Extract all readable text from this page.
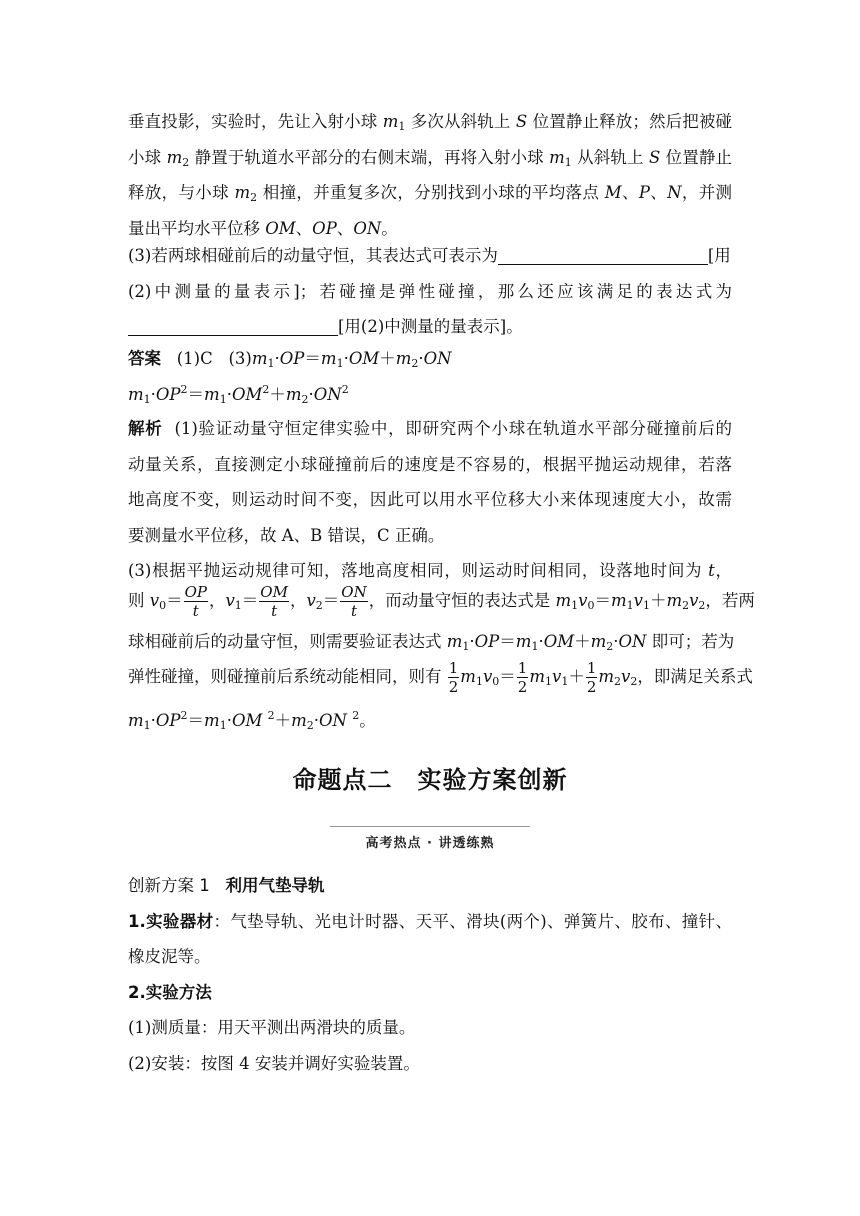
垂直投影，实验时，先让入射小球 $m_1$ 多次从斜轨上 S 位置静止释放；然后把被碰
小球 $m_2$ 静置于轨道水平部分的右侧末端，再将入射小球 $m_1$ 从斜轨上 S 位置静止
释放，与小球 $m_2$ 相撞，并重复多次，分别找到小球的平均落点 M、P、N，并测
量出平均水平位移 OM、OP、ON。
(3)若两球相碰前后的动量守恒，其表达式可表示为	[用
(2)中测量的量表示]；若碰撞是弹性碰撞，那么还应该满足的表达式为
[用(2)中测量的量表示]。
答案 (1)C $(3)m_1\cdot OP=m_1\cdot OM+m_2\cdot ON$
$m_1\cdot OP^2=m_1\cdot OM^2+m_2\cdot ON^2$
解析 (1)验证动量守恒定律实验中，即研究两个小球在轨道水平部分碰撞前后的
动量关系，直接测定小球碰撞前后的速度是不容易的，根据平抛运动规律，若落
地高度不变，则运动时间不变，因此可以用水平位移大小来体现速度大小，故需
要测量水平位移，故 A、B 错误，C 正确。
(3)根据平抛运动规律可知，落地高度相同，则运动时间相同，设落地时间为 t，
则 $v_0= \frac{OP}{t}$ ，$v_1= \frac{OM}{t}$ ，$v_2= \frac{ON}{t}$ ，而动量守恒的表达式是 $m_1v_0=m_1v_1+m_2v_2$，若两
球相碰前后的动量守恒，则需要验证表达式 $m_1\cdot OP=m_1\cdot OM+m_2\cdot ON$ 即可；若为
弹性碰撞，则碰撞前后系统动能相同，则有 $\frac{1}{2} m_1v_0= \frac{1}{2} m_1v_1+ \frac{1}{2} m_2v_2$，即满足关系式
$m_1\cdot OP^2=m_1\cdot OM$ $^2+m_2\cdot ON$ $^2$。
命题点二　实验方案创新
高考热点 · 讲透练熟
创新方案 1 利用气垫导轨
1.实验器材：气垫导轨、光电计时器、天平、滑块(两个)、弹簧片、胶布、撞针、
橡皮泥等。
2.实验方法
(1)测质量：用天平测出两滑块的质量。
(2)安装：按图 4 安装并调好实验装置。
